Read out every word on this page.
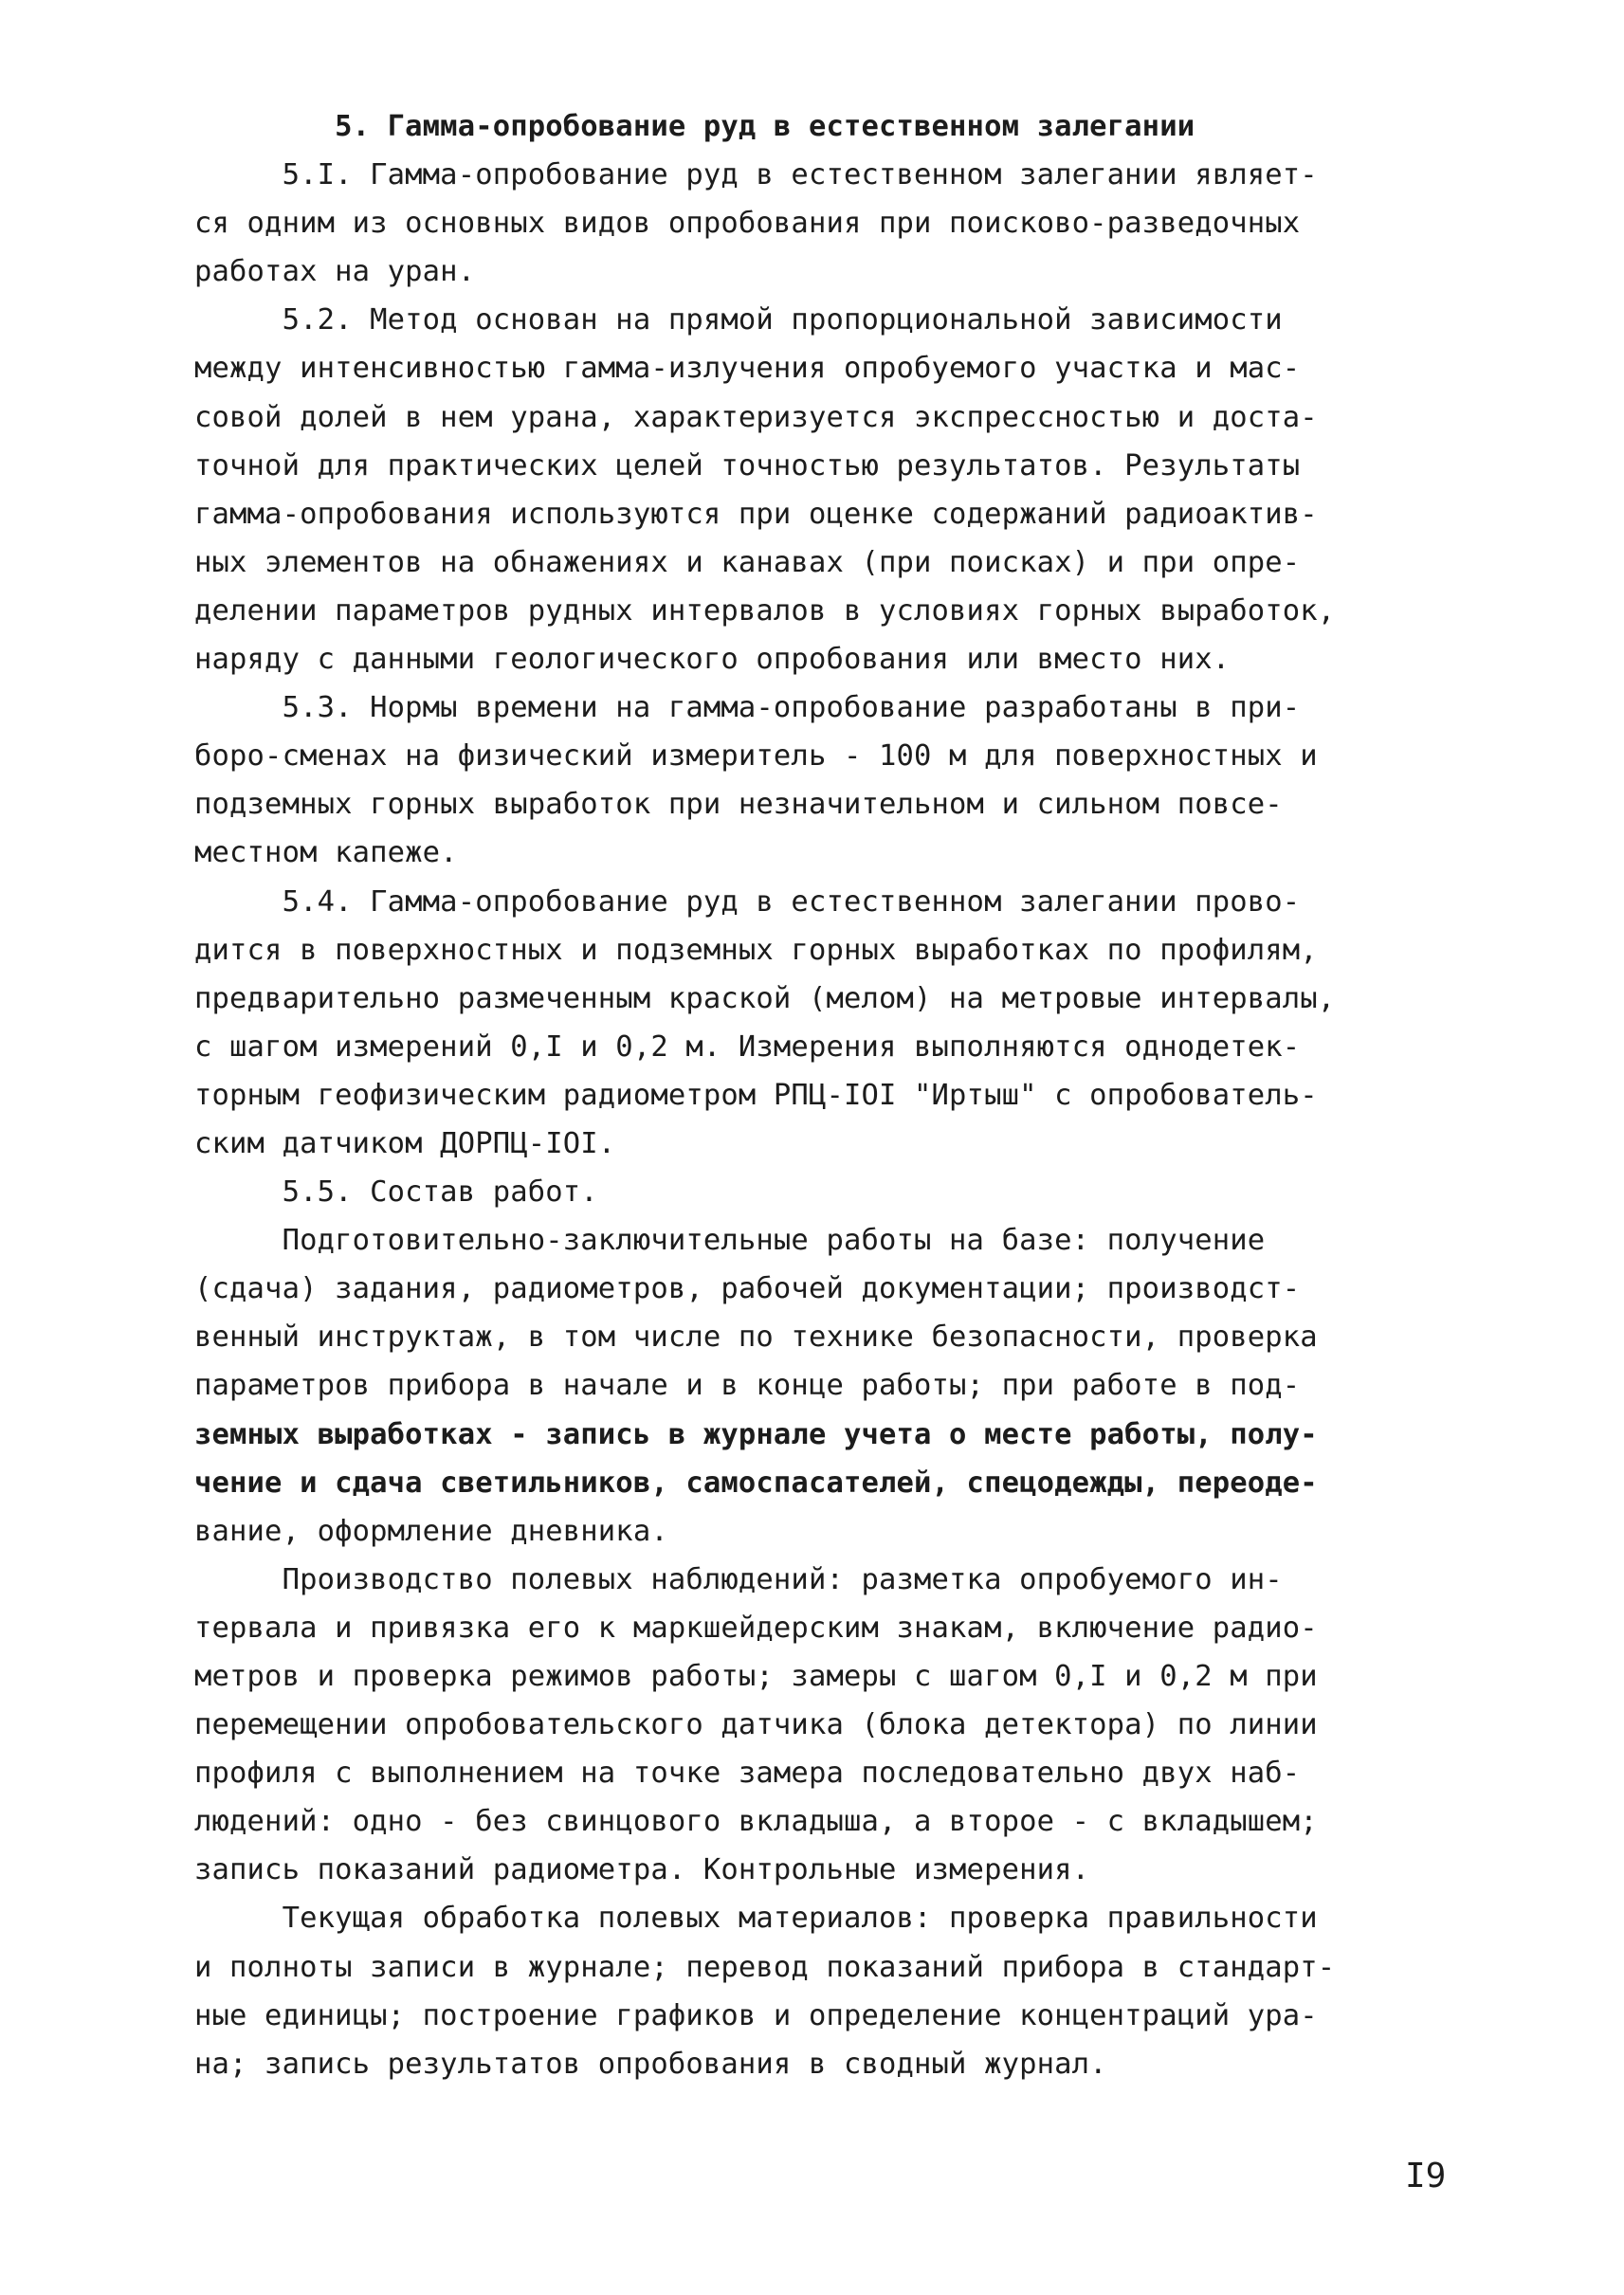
5. Гамма-опробование руд в естественном залегании
5.I. Гамма-опробование руд в естественном залегании являет-
ся одним из основных видов опробования при поисково-разведочных
работах на уран.
5.2. Метод основан на прямой пропорциональной зависимости
между интенсивностью гамма-излучения опробуемого участка и мас-
совой долей в нем урана, характеризуется экспрессностью и доста-
точной для практических целей точностью результатов. Результаты
гамма-опробования используются при оценке содержаний радиоактив-
ных элементов на обнажениях и канавах (при поисках) и при опре-
делении параметров рудных интервалов в условиях горных выработок,
наряду с данными геологического опробования или вместо них.
5.3. Нормы времени на гамма-опробование разработаны в при-
боро-сменах на физический измеритель - 100 м для поверхностных и
подземных горных выработок при незначительном и сильном повсе-
местном капеже.
5.4. Гамма-опробование руд в естественном залегании прово-
дится в поверхностных и подземных горных выработках по профилям,
предварительно размеченным краской (мелом) на метровые интервалы,
с шагом измерений 0,I и 0,2 м. Измерения выполняются однодетек-
торным геофизическим радиометром РПЦ-IOI "Иртыш" с опробователь-
ским датчиком ДОРПЦ-IOI.
5.5. Состав работ.
Подготовительно-заключительные работы на базе: получение
(сдача) задания, радиометров, рабочей документации; производст-
венный инструктаж, в том числе по технике безопасности, проверка
параметров прибора в начале и в конце работы; при работе в под-
земных выработках - запись в журнале учета о месте работы, полу-
чение и сдача светильников, самоспасателей, спецодежды, переоде-
вание, оформление дневника.
Производство полевых наблюдений: разметка опробуемого ин-
тервала и привязка его к маркшейдерским знакам, включение радио-
метров и проверка режимов работы; замеры с шагом 0,I и 0,2 м при
перемещении опробовательского датчика (блока детектора) по линии
профиля с выполнением на точке замера последовательно двух наб-
людений: одно - без свинцового вкладыша, а второе - с вкладышем;
запись показаний радиометра. Контрольные измерения.
Текущая обработка полевых материалов: проверка правильности
и полноты записи в журнале; перевод показаний прибора в стандарт-
ные единицы; построение графиков и определение концентраций ура-
на; запись результатов опробования в сводный журнал.
I9
